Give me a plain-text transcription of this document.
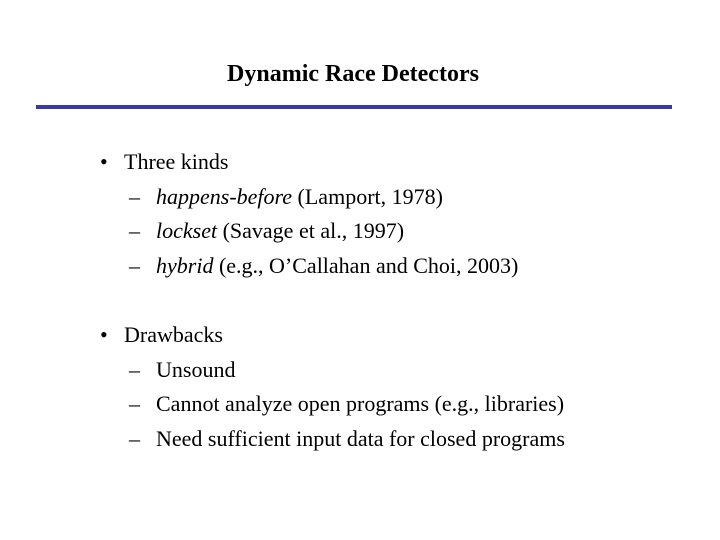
Dynamic Race Detectors
• Three kinds
– happens-before (Lamport, 1978)
– lockset (Savage et al., 1997)
– hybrid (e.g., O’Callahan and Choi, 2003)
• Drawbacks
– Unsound
– Cannot analyze open programs (e.g., libraries)
– Need sufficient input data for closed programs
